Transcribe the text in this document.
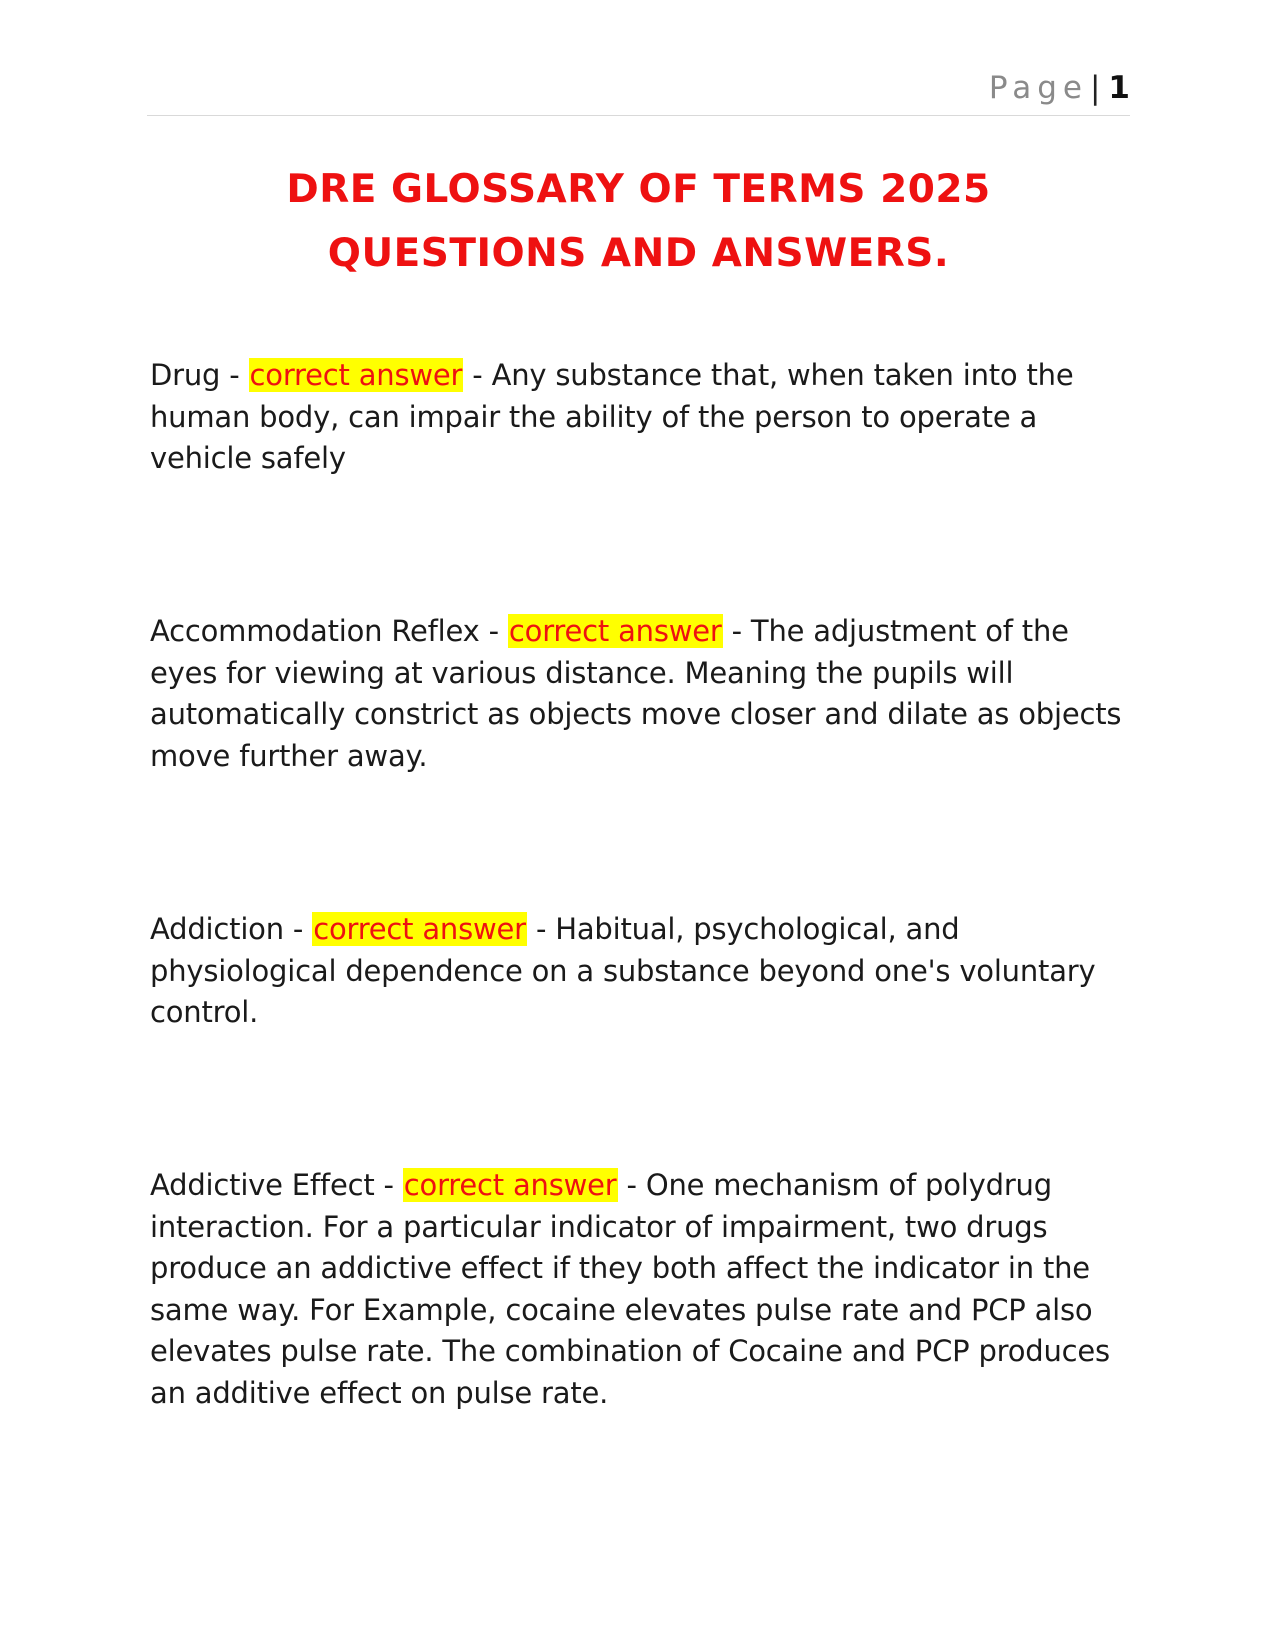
Page| 1
DRE GLOSSARY OF TERMS 2025
QUESTIONS AND ANSWERS.

Drug - correct answer - Any substance that, when taken into the human body, can impair the ability of the person to operate a vehicle safely

Accommodation Reflex - correct answer - The adjustment of the eyes for viewing at various distance. Meaning the pupils will automatically constrict as objects move closer and dilate as objects move further away.

Addiction - correct answer - Habitual, psychological, and physiological dependence on a substance beyond one's voluntary control.

Addictive Effect - correct answer - One mechanism of polydrug interaction. For a particular indicator of impairment, two drugs produce an addictive effect if they both affect the indicator in the same way. For Example, cocaine elevates pulse rate and PCP also elevates pulse rate. The combination of Cocaine and PCP produces an additive effect on pulse rate.
